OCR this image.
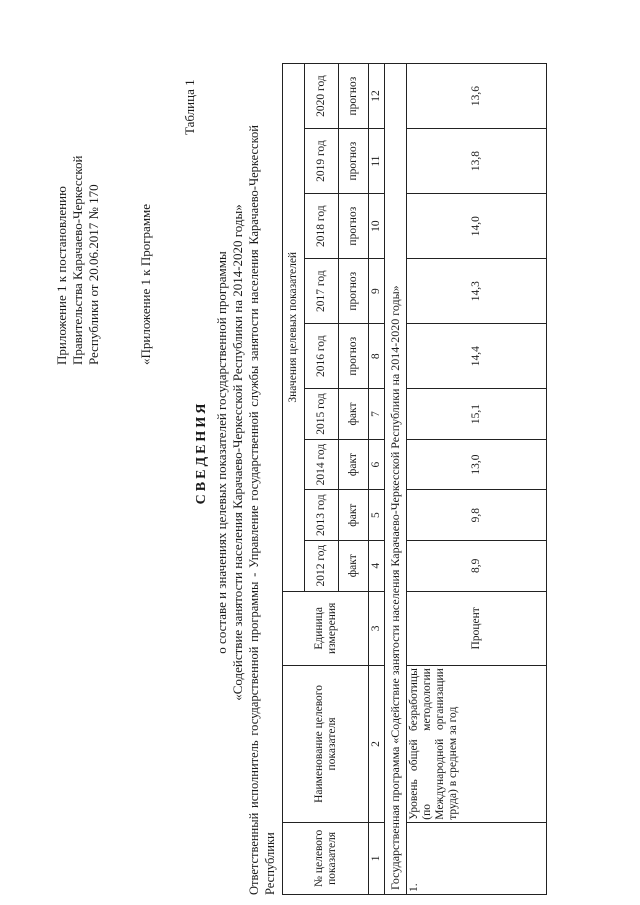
Приложение 1 к постановлению Правительства Карачаево-Черкесской Республики от 20.06.2017 № 170	«Приложение 1 к Программе
Таблица 1
СВЕДЕНИЯ о составе и значениях целевых показателей государственной программы «Содействие занятости населения Карачаево-Черкесской Республики на 2014-2020 годы» Ответственный исполнитель государственной программы - Управление государственной службы занятости населения Карачаево-Черкесской Республики	№ целевого показателя	Наименование целевого показателя	Единица измерения	Значения целевых показателей								
			2012 год	2013 год	2014 год	2015 год	2016 год	2017 год	2018 год	2019 год	2020 год
			факт	факт	факт	факт	прогноз	прогноз	прогноз	прогноз	прогноз
1	2	3	4	5	6	7	8	9	10	11	12
Государственная программа «Содействие занятости населения Карачаево-Черкесской Республики на 2014-2020 годы»											
1.	Уровень общей безработицы (по методологии Международной организации труда) в среднем за год	Процент	8,9	9,8	13,0	15,1	14,4	14,3	14,0	13,8	13,6
